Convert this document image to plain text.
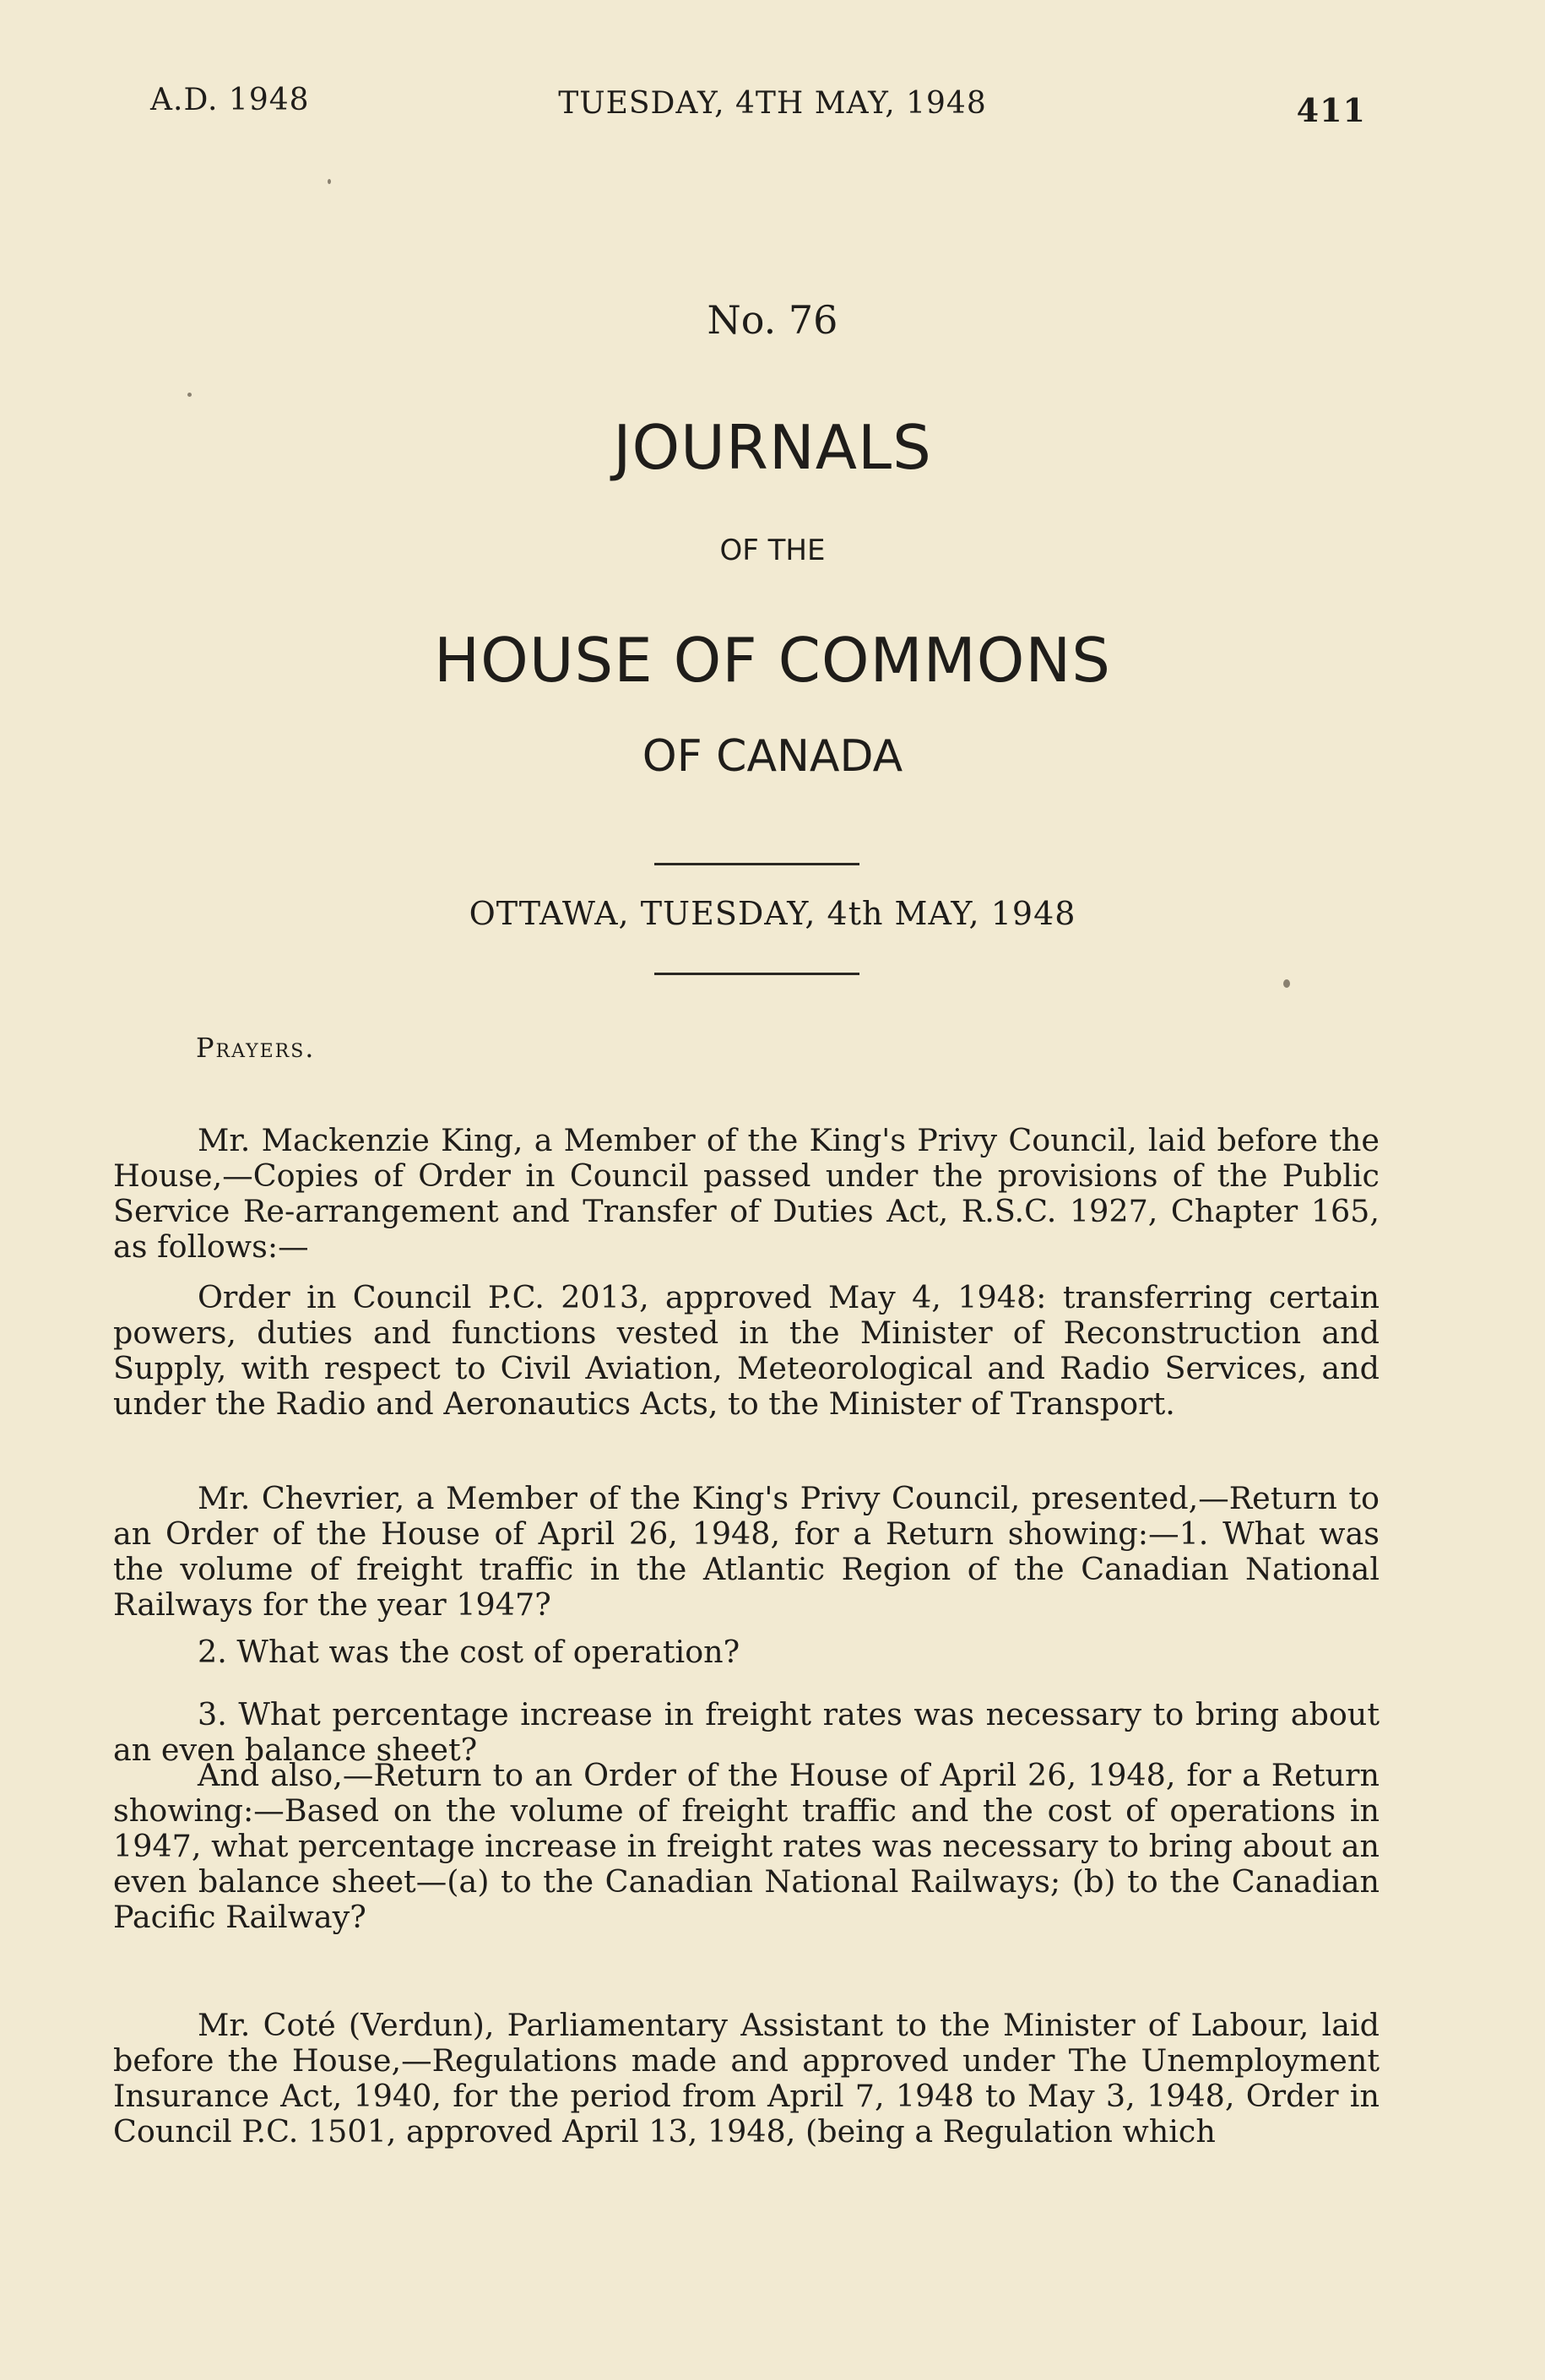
A.D. 1948	TUESDAY, 4TH MAY, 1948	411
No. 76
JOURNALS
OF THE
HOUSE OF COMMONS
OF CANADA
OTTAWA, TUESDAY, 4th MAY, 1948
Prayers.

Mr. Mackenzie King, a Member of the King's Privy Council, laid before the House,—Copies of Order in Council passed under the provisions of the Public Service Re-arrangement and Transfer of Duties Act, R.S.C. 1927, Chapter 165, as follows:—

Order in Council P.C. 2013, approved May 4, 1948: transferring certain powers, duties and functions vested in the Minister of Reconstruction and Supply, with respect to Civil Aviation, Meteorological and Radio Services, and under the Radio and Aeronautics Acts, to the Minister of Transport.

Mr. Chevrier, a Member of the King's Privy Council, presented,—Return to an Order of the House of April 26, 1948, for a Return showing:—1. What was the volume of freight traffic in the Atlantic Region of the Canadian National Railways for the year 1947?

2. What was the cost of operation?

3. What percentage increase in freight rates was necessary to bring about an even balance sheet?

And also,—Return to an Order of the House of April 26, 1948, for a Return showing:—Based on the volume of freight traffic and the cost of operations in 1947, what percentage increase in freight rates was necessary to bring about an even balance sheet—(a) to the Canadian National Railways; (b) to the Canadian Pacific Railway?

Mr. Coté (Verdun), Parliamentary Assistant to the Minister of Labour, laid before the House,—Regulations made and approved under The Unemployment Insurance Act, 1940, for the period from April 7, 1948 to May 3, 1948, Order in Council P.C. 1501, approved April 13, 1948, (being a Regulation which
